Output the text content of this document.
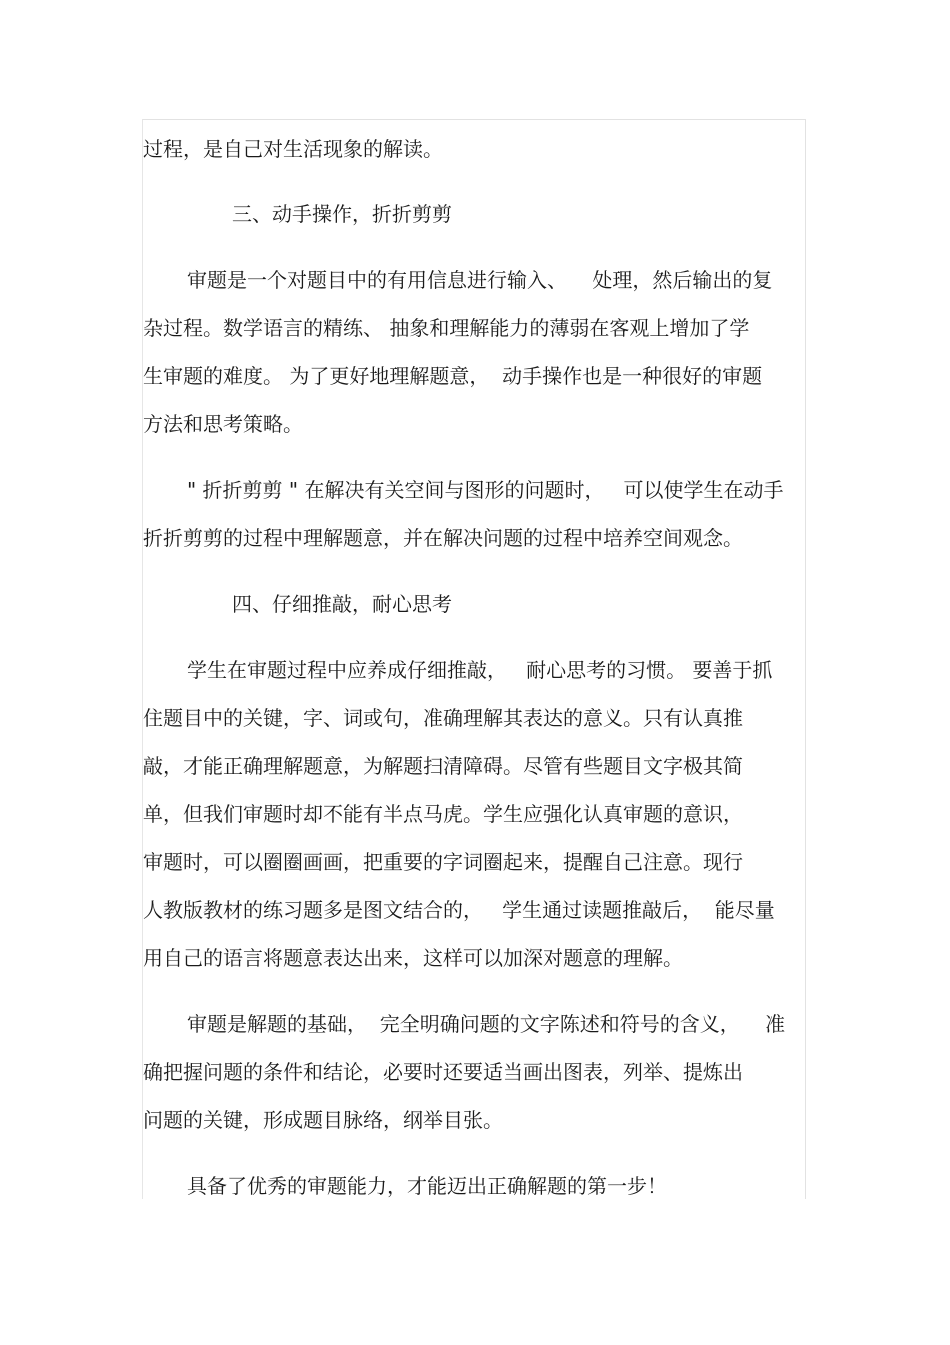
过程，是自己对生活现象的解读。

三、动手操作，折折剪剪

审题是一个对题目中的有用信息进行输入、    处理，然后输出的复

杂过程。数学语言的精练、 抽象和理解能力的薄弱在客观上增加了学

生审题的难度。 为了更好地理解题意，  动手操作也是一种很好的审题

方法和思考策略。

" 折折剪剪 " 在解决有关空间与图形的问题时，   可以使学生在动手

折折剪剪的过程中理解题意，并在解决问题的过程中培养空间观念。

四、仔细推敲，耐心思考

学生在审题过程中应养成仔细推敲，   耐心思考的习惯。 要善于抓

住题目中的关键，字、词或句，准确理解其表达的意义。只有认真推

敲，才能正确理解题意，为解题扫清障碍。尽管有些题目文字极其简

单，但我们审题时却不能有半点马虎。学生应强化认真审题的意识，

审题时，可以圈圈画画，把重要的字词圈起来，提醒自己注意。现行

人教版教材的练习题多是图文结合的，   学生通过读题推敲后，  能尽量

用自己的语言将题意表达出来，这样可以加深对题意的理解。

审题是解题的基础，  完全明确问题的文字陈述和符号的含义，    准

确把握问题的条件和结论，必要时还要适当画出图表，列举、提炼出

问题的关键，形成题目脉络，纲举目张。

具备了优秀的审题能力，才能迈出正确解题的第一步！
